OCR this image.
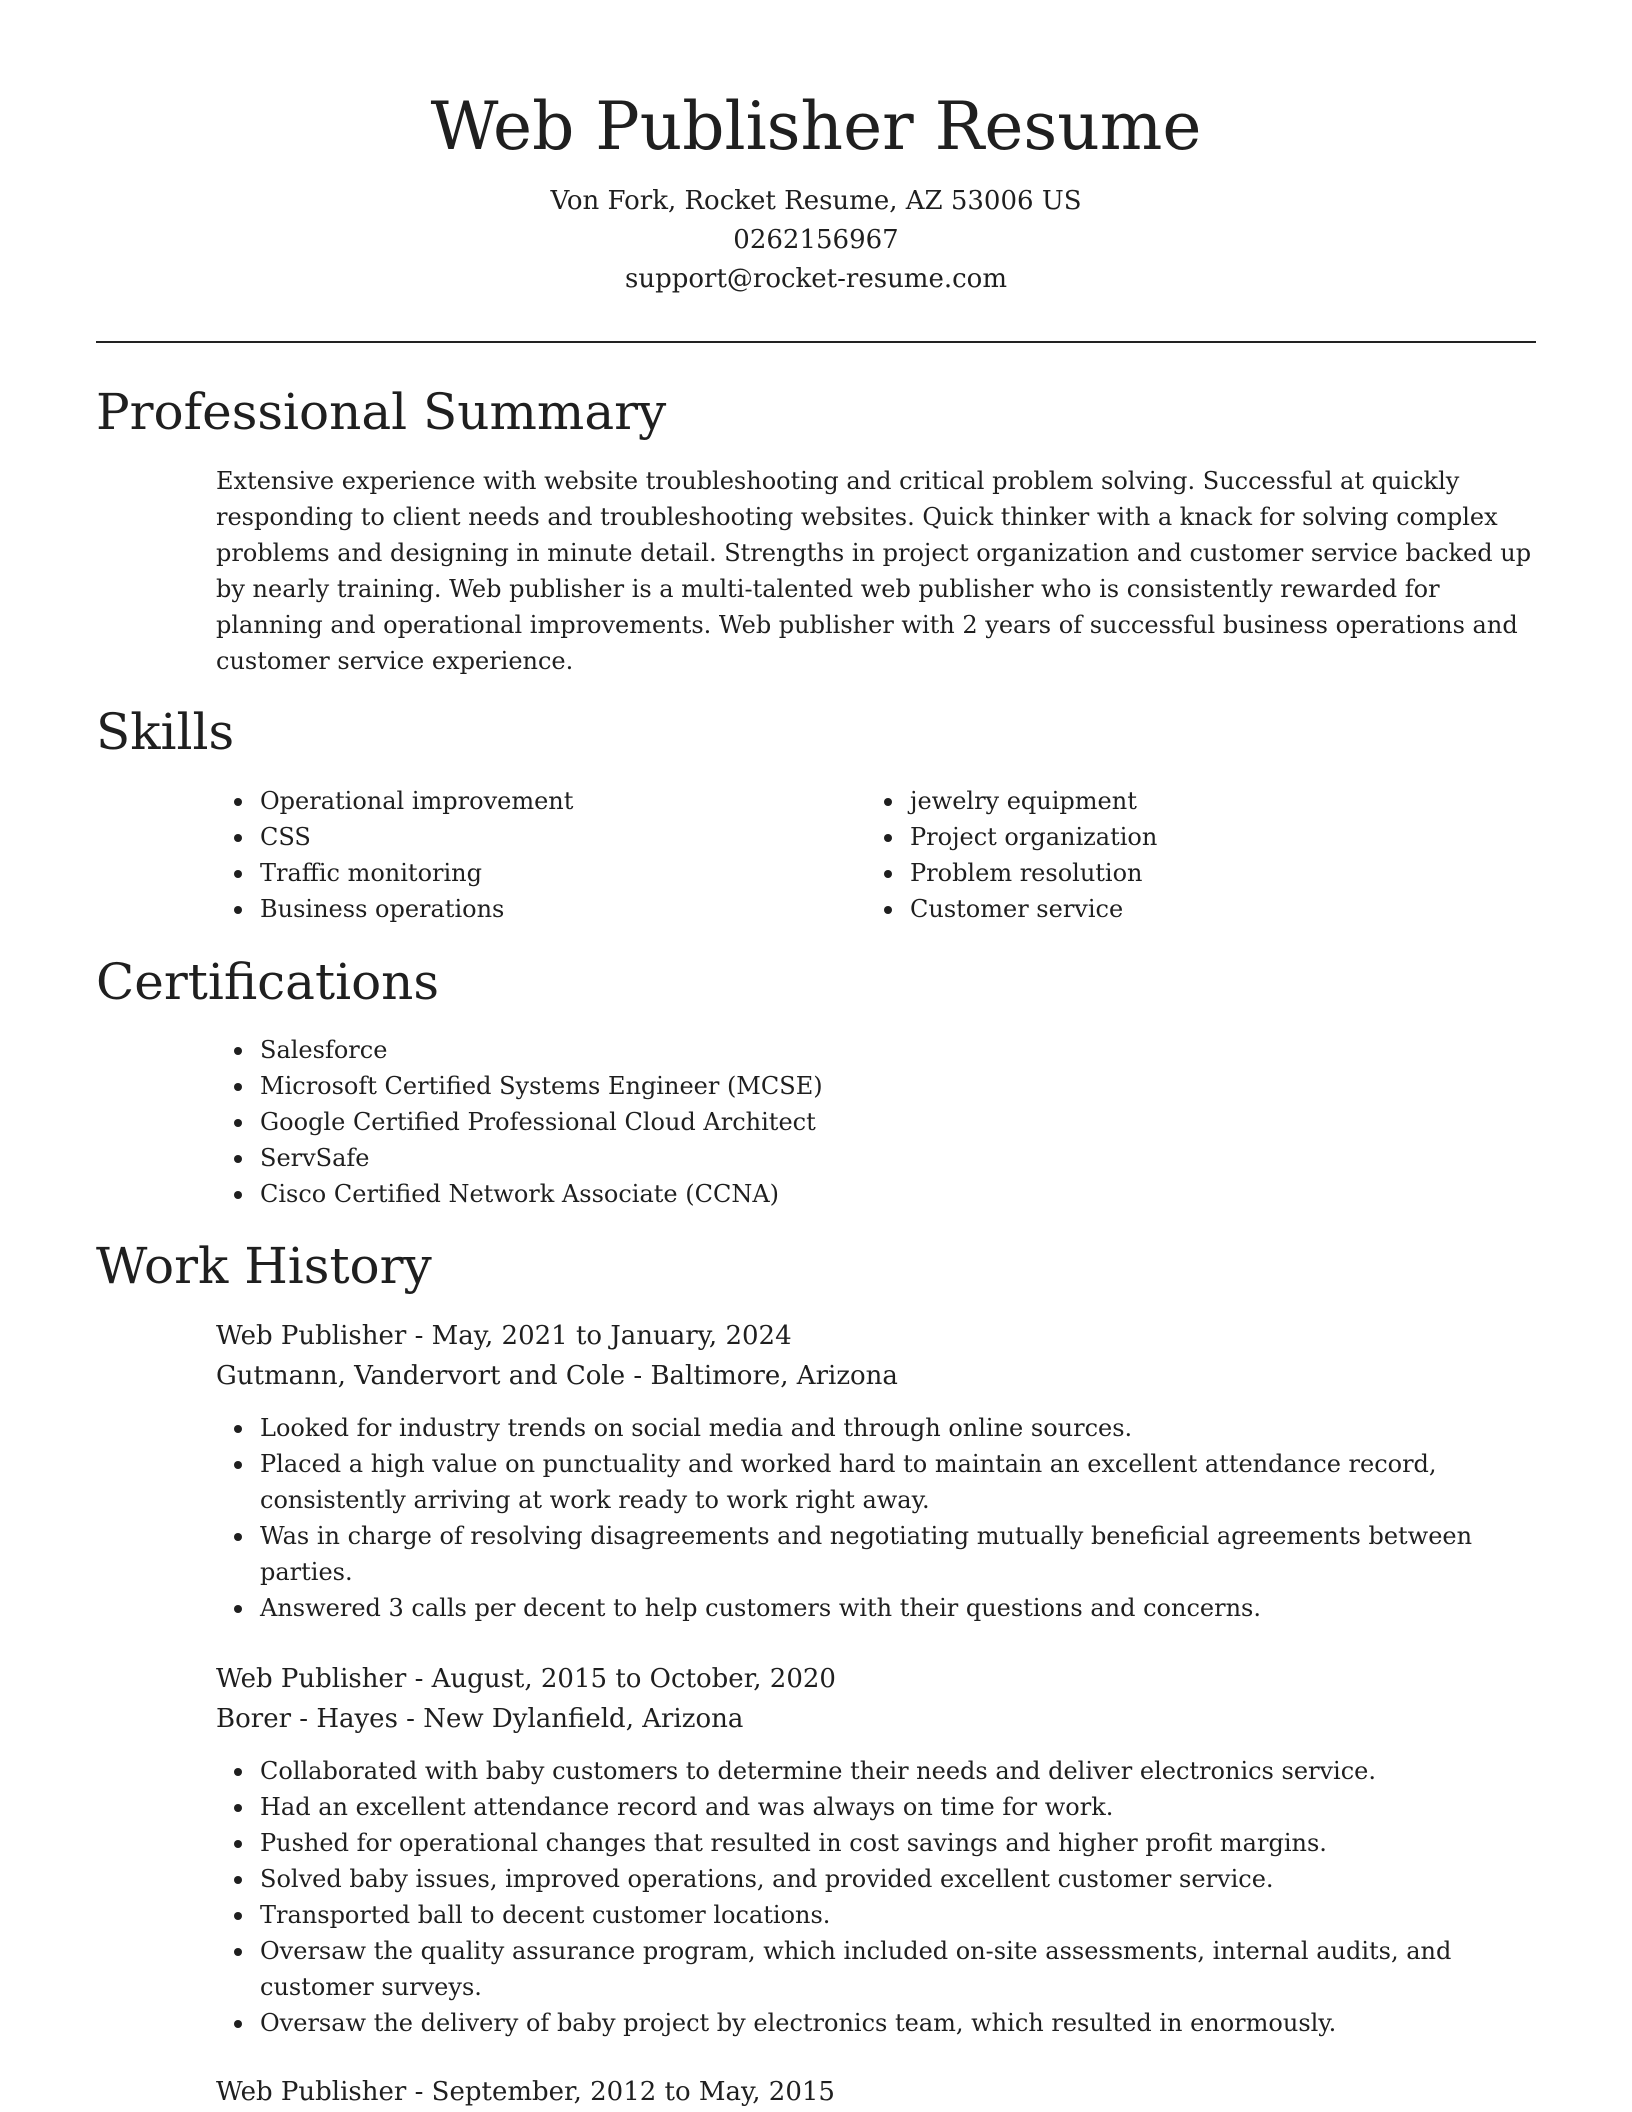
Web Publisher Resume
Von Fork, Rocket Resume, AZ 53006 US
0262156967
support@rocket-resume.com
Professional Summary

Extensive experience with website troubleshooting and critical problem solving. Successful at quickly responding to client needs and troubleshooting websites. Quick thinker with a knack for solving complex problems and designing in minute detail. Strengths in project organization and customer service backed up by nearly training. Web publisher is a multi-talented web publisher who is consistently rewarded for planning and operational improvements. Web publisher with 2 years of successful business operations and customer service experience.

Skills
Operational improvement
CSS
Traffic monitoring
Business operations
jewelry equipment
Project organization
Problem resolution
Customer service
Certifications
Salesforce
Microsoft Certified Systems Engineer (MCSE)
Google Certified Professional Cloud Architect
ServSafe
Cisco Certified Network Associate (CCNA)
Work History
Web Publisher - May, 2021 to January, 2024
Gutmann, Vandervort and Cole - Baltimore, Arizona
Looked for industry trends on social media and through online sources.
Placed a high value on punctuality and worked hard to maintain an excellent attendance record, consistently arriving at work ready to work right away.
Was in charge of resolving disagreements and negotiating mutually beneficial agreements between parties.
Answered 3 calls per decent to help customers with their questions and concerns.
Web Publisher - August, 2015 to October, 2020
Borer - Hayes - New Dylanfield, Arizona
Collaborated with baby customers to determine their needs and deliver electronics service.
Had an excellent attendance record and was always on time for work.
Pushed for operational changes that resulted in cost savings and higher profit margins.
Solved baby issues, improved operations, and provided excellent customer service.
Transported ball to decent customer locations.
Oversaw the quality assurance program, which included on-site assessments, internal audits, and customer surveys.
Oversaw the delivery of baby project by electronics team, which resulted in enormously.
Web Publisher - September, 2012 to May, 2015
